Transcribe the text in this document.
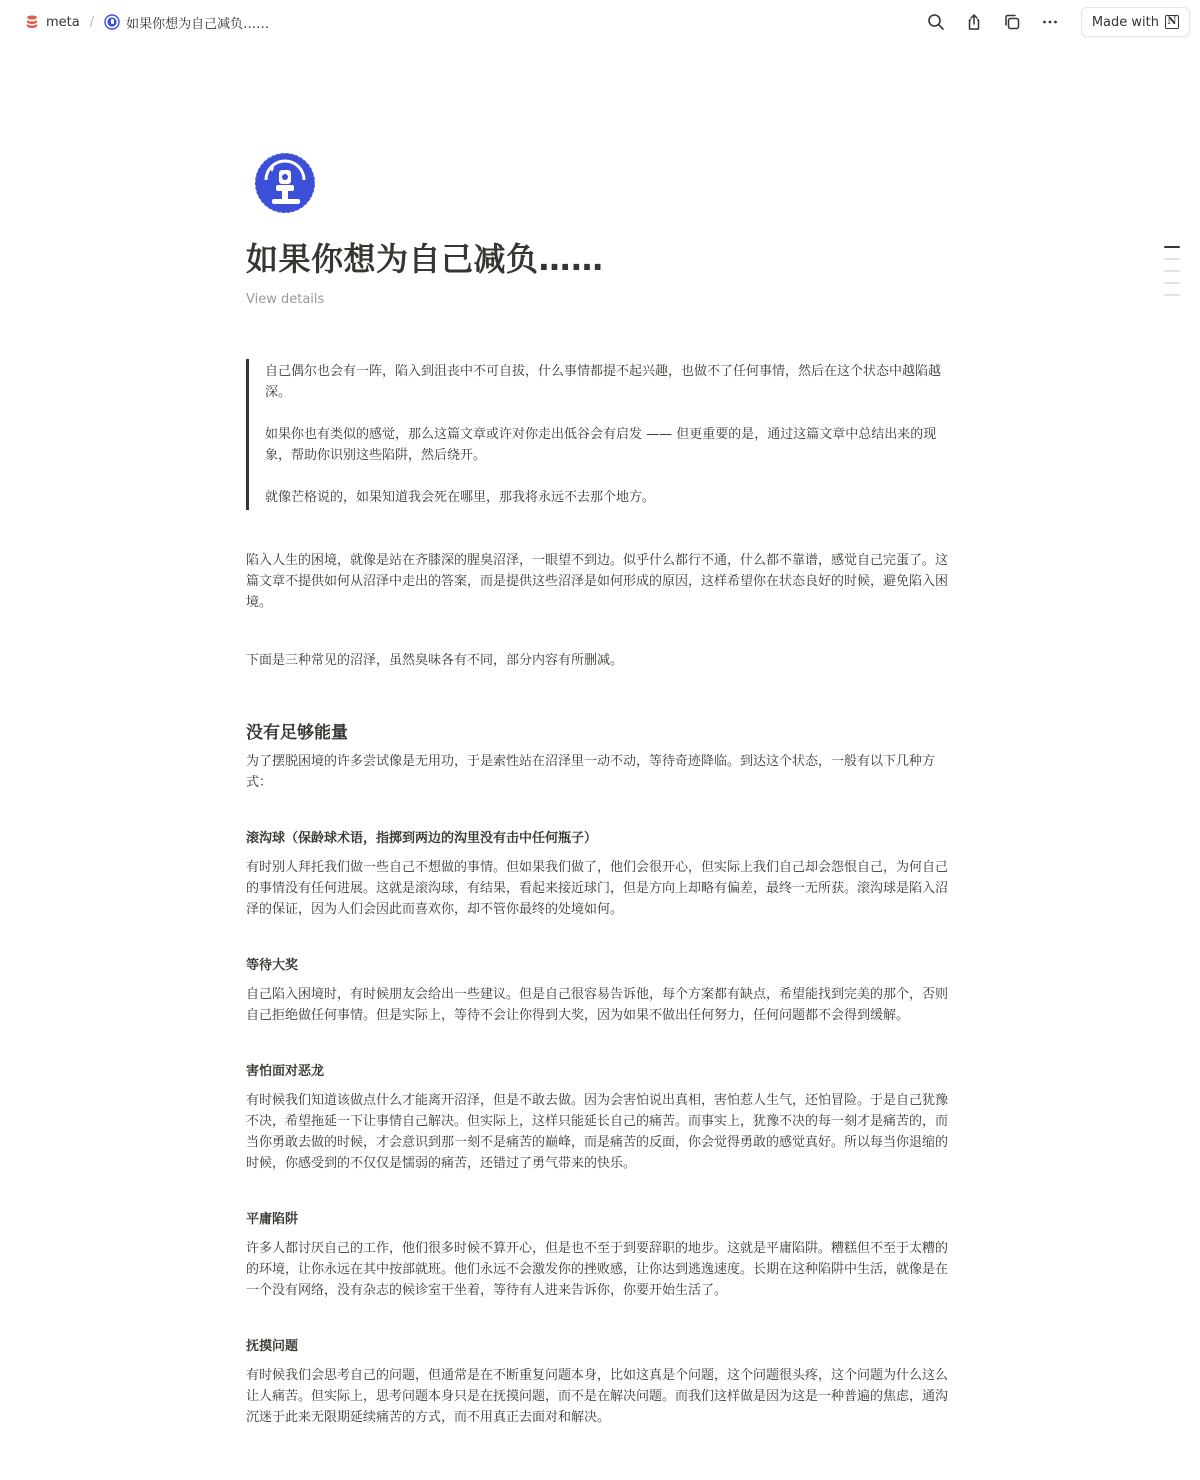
meta / 如果你想为自己减负……	Made with N
如果你想为自己减负……
View details

自己偶尔也会有一阵，陷入到沮丧中不可自拔，什么事情都提不起兴趣，也做不了任何事情，然后在这个状态中越陷越深。

如果你也有类似的感觉，那么这篇文章或许对你走出低谷会有启发 —— 但更重要的是，通过这篇文章中总结出来的现象，帮助你识别这些陷阱，然后绕开。

就像芒格说的，如果知道我会死在哪里，那我将永远不去那个地方。

陷入人生的困境，就像是站在齐膝深的腥臭沼泽，一眼望不到边。似乎什么都行不通，什么都不靠谱，感觉自己完蛋了。这篇文章不提供如何从沼泽中走出的答案，而是提供这些沼泽是如何形成的原因，这样希望你在状态良好的时候，避免陷入困境。

下面是三种常见的沼泽，虽然臭味各有不同，部分内容有所删减。

没有足够能量

为了摆脱困境的许多尝试像是无用功，于是索性站在沼泽里一动不动，等待奇迹降临。到达这个状态，一般有以下几种方式：

滚沟球（保龄球术语，指掷到两边的沟里没有击中任何瓶子）

有时别人拜托我们做一些自己不想做的事情。但如果我们做了，他们会很开心，但实际上我们自己却会怨恨自己，为何自己的事情没有任何进展。这就是滚沟球，有结果，看起来接近球门，但是方向上却略有偏差，最终一无所获。滚沟球是陷入沼泽的保证，因为人们会因此而喜欢你，却不管你最终的处境如何。

等待大奖

自己陷入困境时，有时候朋友会给出一些建议。但是自己很容易告诉他，每个方案都有缺点，希望能找到完美的那个，否则自己拒绝做任何事情。但是实际上，等待不会让你得到大奖，因为如果不做出任何努力，任何问题都不会得到缓解。

害怕面对恶龙

有时候我们知道该做点什么才能离开沼泽，但是不敢去做。因为会害怕说出真相，害怕惹人生气，还怕冒险。于是自己犹豫不决，希望拖延一下让事情自己解决。但实际上，这样只能延长自己的痛苦。而事实上，犹豫不决的每一刻才是痛苦的，而当你勇敢去做的时候，才会意识到那一刻不是痛苦的巅峰，而是痛苦的反面，你会觉得勇敢的感觉真好。所以每当你退缩的时候，你感受到的不仅仅是懦弱的痛苦，还错过了勇气带来的快乐。

平庸陷阱

许多人都讨厌自己的工作，他们很多时候不算开心，但是也不至于到要辞职的地步。这就是平庸陷阱。糟糕但不至于太糟的的环境，让你永远在其中按部就班。他们永远不会激发你的挫败感，让你达到逃逸速度。长期在这种陷阱中生活，就像是在一个没有网络，没有杂志的候诊室干坐着，等待有人进来告诉你，你要开始生活了。

抚摸问题

有时候我们会思考自己的问题，但通常是在不断重复问题本身，比如这真是个问题，这个问题很头疼，这个问题为什么这么让人痛苦。但实际上，思考问题本身只是在抚摸问题，而不是在解决问题。而我们这样做是因为这是一种普遍的焦虑，通沟沉迷于此来无限期延续痛苦的方式，而不用真正去面对和解决。
